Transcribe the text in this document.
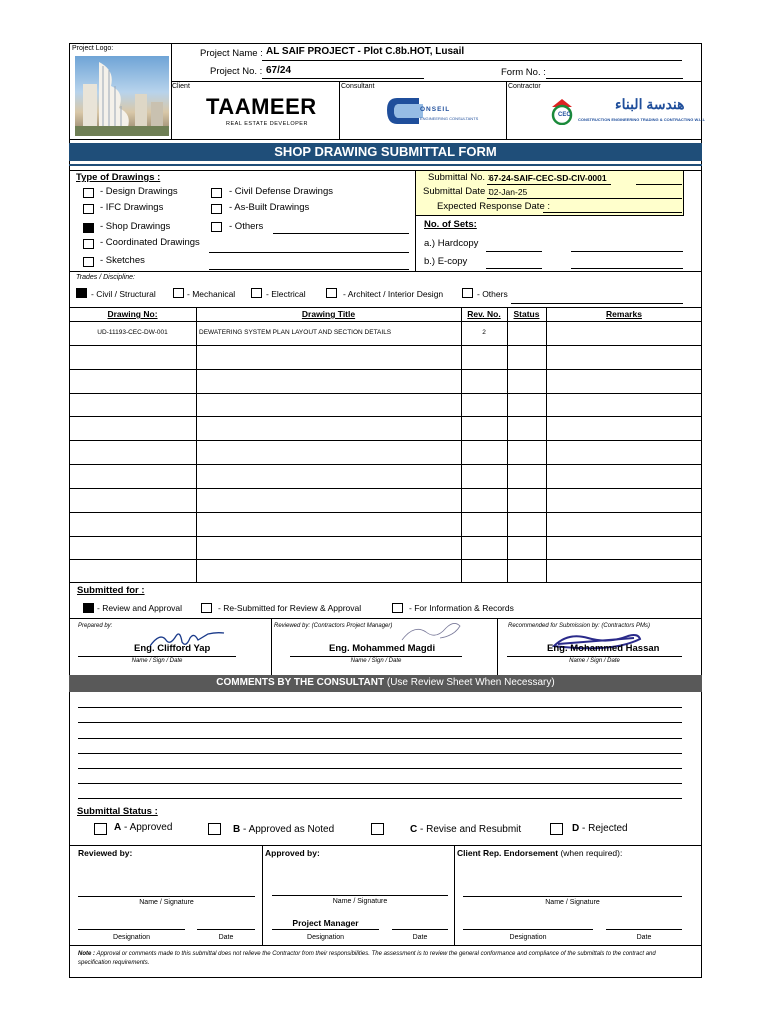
Project Logo:	Project Name : AL SAIF PROJECT - Plot C.8b.HOT, Lusail
Project No. : 67/24	Form No. :
Client	Consultant	Contractor
TAAMEER
REAL ESTATE DEVELOPER
ONSEIL
ENGINEERING CONSULTANTS
CEC
هندسة البناء
CONSTRUCTION ENGINEERING TRADING & CONTRACTING W.L.L
SHOP DRAWING SUBMITTAL FORM
Type of Drawings :
- Design Drawings
- IFC Drawings
- Shop Drawings
- Coordinated Drawings
- Sketches
- Civil Defense Drawings
- As-Built Drawings
- Others
Submittal No. :
67-24-SAIF-CEC-SD-CIV-0001
Submittal Date :
02-Jan-25
Expected Response Date :
No. of Sets:
a.) Hardcopy
b.) E-copy
Trades / Discipline:
- Civil / Structural	- Mechanical	- Electrical	- Architect / Interior Design	- Others
Drawing No:	Drawing Title	Rev. No.	Status	Remarks
UD-11193-CEC-DW-001	DEWATERING SYSTEM PLAN LAYOUT AND SECTION DETAILS	2
Submitted for :
- Review and Approval	- Re-Submitted for Review & Approval	- For Information & Records
Prepared by:
Eng. Clifford Yap
Name / Sign / Date
Reviewed by: (Contractors Project Manager)
Eng. Mohammed Magdi
Name / Sign / Date
Recommended for Submission by: (Contractors PMs)
Eng. Mohammed Hassan
Name / Sign / Date
COMMENTS BY THE CONSULTANT (Use Review Sheet When Necessary)
Submittal Status :
A - Approved	B - Approved as Noted	C - Revise and Resubmit	D - Rejected
Reviewed by:
Name / Signature
Designation	Date
Approved by:
Name / Signature
Project Manager
Designation	Date
Client Rep. Endorsement (when required):
Name / Signature
Designation	Date
Note : Approval or comments made to this submittal does not relieve the Contractor from their responsibilities. The assessment is to review the general conformance and compliance of the submittals to the contract and specification requirements.
